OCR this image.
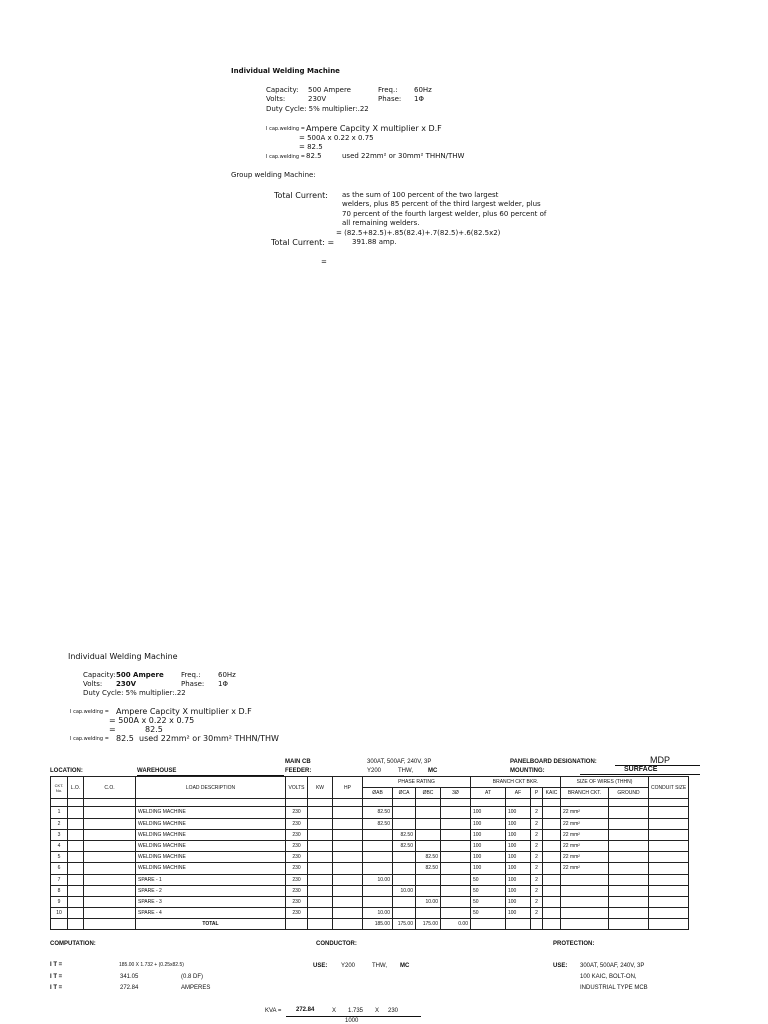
Individual Welding Machine
Capacity: 500 Ampere	Freq.: 60Hz
Volts:	230V	Phase: 1Φ
Duty Cycle: 5% multiplier:.22
I cap.welding = Ampere Capcity X multiplier x D.F
= 500A x 0.22 x 0.75
= 82.5
I cap.welding = 82.5	used 22mm² or 30mm² THHN/THW
Group welding Machine:
Total Current: as the sum of 100 percent of the two largest
welders, plus 85 percent of the third largest welder, plus
70 percent of the fourth largest welder, plus 60 percent of
all remaining welders.
= (82.5+82.5)+.85(82.4)+.7(82.5)+.6(82.5x2)
Total Current: =	391.88 amp.
=
Individual Welding Machine
Capacity: 500 Ampere Freq.: 60Hz
Volts: 230V	Phase: 1Φ
Duty Cycle: 5% multiplier:.22
I cap.welding = Ampere Capcity X multiplier x D.F
= 500A x 0.22 x 0.75
=	82.5
I cap.welding = 82.5 used 22mm² or 30mm² THHN/THW
MAIN CB	300AT, 500AF, 240V, 3P	PANELBOARD DESIGNATION:	MDP
LOCATION:	WAREHOUSE	FEEDER:	Y200	THW,	MC	MOUNTING:	SURFACE
CKT. No.	L.O.	C.O.	LOAD DESCRIPTION	VOLTS	KW	HP	PHASE RATING				BRANCH CKT BKR.				SIZE OF WIRES (THHN)		CONDUIT SIZE
							ØAB	ØCA	ØBC	3Ø	AT	AF	P	KAIC	BRANCH CKT.	GROUND	

1			WELDING MACHINE	230			82.50				100	100	2		22 mm²		
2			WELDING MACHINE	230			82.50				100	100	2		22 mm²		
3			WELDING MACHINE	230				82.50			100	100	2		22 mm²		
4			WELDING MACHINE	230				82.50			100	100	2		22 mm²		
5			WELDING MACHINE	230					82.50		100	100	2		22 mm²		
6			WELDING MACHINE	230					82.50		100	100	2		22 mm²		
7			SPARE - 1	230			10.00				50	100	2				
8			SPARE - 2	230				10.00			50	100	2				
9			SPARE - 3	230					10.00		50	100	2				
10			SPARE - 4	230			10.00				50	100	2				
			TOTAL				185.00	175.00	175.00	0.00							
COMPUTATION:
I T =	185.00 X 1.732 + (0.25x82.5)
I T =	341.05	(0.8 DF)
I T =	272.84	AMPERES
CONDUCTOR:
USE: Y200	THW, MC
PROTECTION:
USE: 300AT, 500AF, 240V, 3P
100 KAIC, BOLT-ON,
INDUSTRIAL TYPE MCB
KVA = 272.84	X 1.735 X 230
1000
